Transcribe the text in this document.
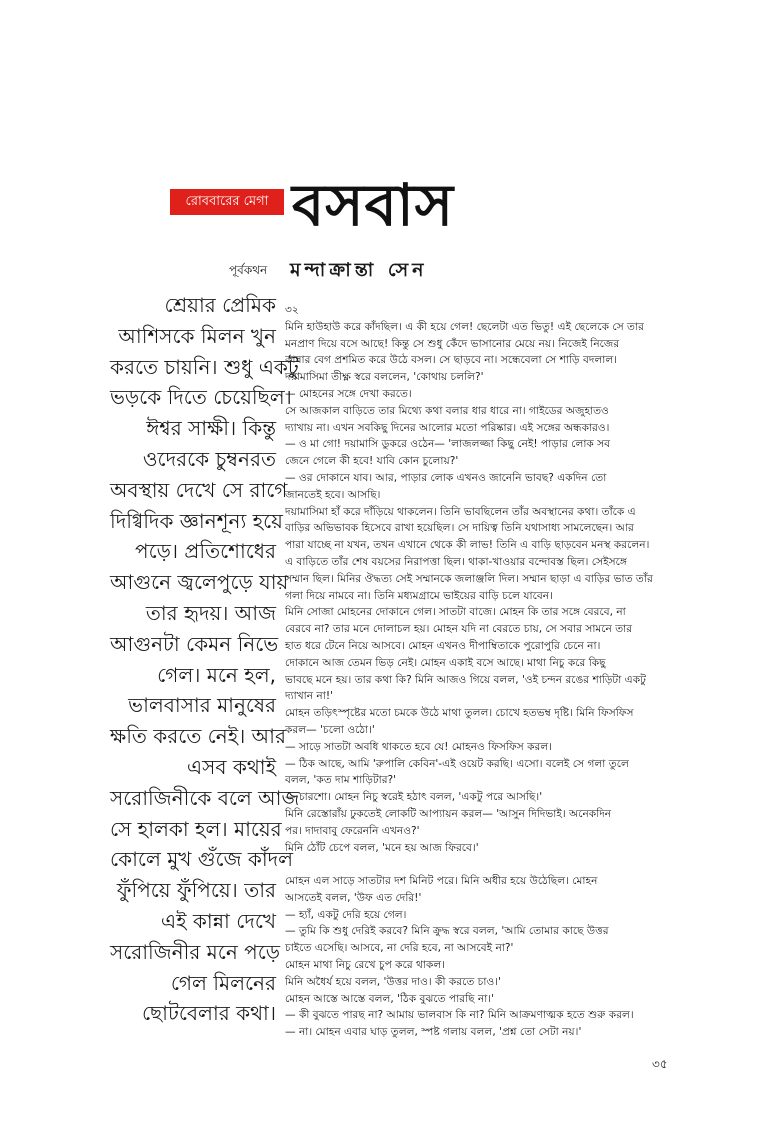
রোববারের মেগা বসবাস
পূর্বকথন মন্দাক্রান্তা সেন
শ্রেয়ার প্রেমিক
আশিসকে মিলন খুন
করতে চায়নি। শুধু একটু
ভড়কে দিতে চেয়েছিল।
ঈশ্বর সাক্ষী। কিন্তু
ওদেরকে চুম্বনরত
অবস্থায় দেখে সে রাগে
দিগ্বিদিক জ্ঞানশূন্য হয়ে
পড়ে। প্রতিশোধের
আগুনে জ্বলেপুড়ে যায়
তার হৃদয়। আজ
আগুনটা কেমন নিভে
গেল। মনে হল,
ভালবাসার মানুষের
ক্ষতি করতে নেই। আর
এসব কথাই
সরোজিনীকে বলে আজ
সে হালকা হল। মায়ের
কোলে মুখ গুঁজে কাঁদল
ফুঁপিয়ে ফুঁপিয়ে। তার
এই কান্না দেখে
সরোজিনীর মনে পড়ে
গেল মিলনের
ছোটবেলার কথা।
৩২
মিনি হাউহাউ করে কাঁদছিল। এ কী হয়ে গেল! ছেলেটা এত ভিতু! এই ছেলেকে সে তার
মনপ্রাণ দিয়ে বসে আছে! কিন্তু সে শুধু কেঁদে ভাসানোর মেয়ে নয়। নিজেই নিজের
কান্নার বেগ প্রশমিত করে উঠে বসল। সে ছাড়বে না। সন্ধেবেলা সে শাড়ি বদলাল।
দয়ামাসিমা তীক্ষ্ণ স্বরে বললেন, 'কোথায় চললি?'
— মোহনের সঙ্গে দেখা করতে।
সে আজকাল বাড়িতে তার মিথ্যে কথা বলার ধার ধারে না। গাইডের অজুহাতও
দ্যাখায় না। এখন সবকিছু দিনের আলোর মতো পরিষ্কার। এই সঙ্গের অন্ধকারও।
— ও মা গো! দয়ামাসি ডুকরে ওঠেন— 'লাজলজ্জা কিছু নেই! পাড়ার লোক সব
জেনে গেলে কী হবে! যাবি কোন চুলোয়?'
— ওর দোকানে যাব। আর, পাড়ার লোক এখনও জানেনি ভাবছ? একদিন তো
জানতেই হবে। আসছি।
দয়ামাসিমা হাঁ করে দাঁড়িয়ে থাকলেন। তিনি ভাবছিলেন তাঁর অবস্থানের কথা। তাঁকে এ
বাড়ির অভিভাবক হিসেবে রাখা হয়েছিল। সে দায়িত্ব তিনি যথাসাধ্য সামলেছেন। আর
পারা যাচ্ছে না যখন, তখন এখানে থেকে কী লাভ! তিনি এ বাড়ি ছাড়বেন মনস্থ করলেন।
এ বাড়িতে তাঁর শেষ বয়সের নিরাপত্তা ছিল। থাকা-খাওয়ার বন্দোবস্ত ছিল। সেইসঙ্গে
সম্মান ছিল। মিনির ঔদ্ধত্য সেই সম্মানকে জলাঞ্জলি দিল। সম্মান ছাড়া এ বাড়ির ভাত তাঁর
গলা দিয়ে নামবে না। তিনি মধ্যমগ্রামে ভাইয়ের বাড়ি চলে যাবেন।
মিনি সোজা মোহনের দোকানে গেল। সাতটা বাজে। মোহন কি তার সঙ্গে বেরবে, না
বেরবে না? তার মনে দোলাচল হয়। মোহন যদি না বেরতে চায়, সে সবার সামনে তার
হাত ধরে টেনে নিয়ে আসবে। মোহন এখনও দীপাম্বিতাকে পুরোপুরি চেনে না।
দোকানে আজ তেমন ভিড় নেই। মোহন একাই বসে আছে। মাথা নিচু করে কিছু
ভাবছে মনে হয়। তার কথা কি? মিনি আজও গিয়ে বলল, 'ওই চন্দন রঙের শাড়িটা একটু
দ্যাখান না!'
মোহন তড়িৎস্পৃষ্টের মতো চমকে উঠে মাথা তুলল। চোখে হতভম্ব দৃষ্টি। মিনি ফিসফিস
করল— 'চলো ওঠো।'
— সাড়ে সাতটা অবধি থাকতে হবে যে! মোহনও ফিসফিস করল।
— ঠিক আছে, আমি 'রুপালি কেবিন'-এই ওয়েট করছি। এসো। বলেই সে গলা তুলে
বলল, 'কত দাম শাড়িটার?'
— চারশো। মোহন নিচু স্বরেই হঠাৎ বলল, 'একটু পরে আসছি।'
মিনি রেস্তোরাঁয় ঢুকতেই লোকটি আপ্যায়ন করল— 'আসুন দিদিভাই। অনেকদিন
পর। দাদাবাবু ফেরেননি এখনও?'
মিনি ঠোঁট চেপে বলল, 'মনে হয় আজ ফিরবে।'
মোহন এল সাড়ে সাতটার দশ মিনিট পরে। মিনি অধীর হয়ে উঠেছিল। মোহন
আসতেই বলল, 'উফ এত দেরি!'
— হ্যাঁ, একটু দেরি হয়ে গেল।
— তুমি কি শুধু দেরিই করবে? মিনি ক্রুদ্ধ স্বরে বলল, 'আমি তোমার কাছে উত্তর
চাইতে এসেছি। আসবে, না দেরি হবে, না আসবেই না?'
মোহন মাথা নিচু রেখে চুপ করে থাকল।
মিনি অধৈর্য হয়ে বলল, 'উত্তর দাও। কী করতে চাও।'
মোহন আস্তে আস্তে বলল, 'ঠিক বুঝতে পারছি না।'
— কী বুঝতে পারছ না? আমায় ভালবাস কি না? মিনি আক্রমণাত্মক হতে শুরু করল।
— না। মোহন এবার ঘাড় তুলল, স্পষ্ট গলায় বলল, 'প্রশ্ন তো সেটা নয়।'
৩৫
